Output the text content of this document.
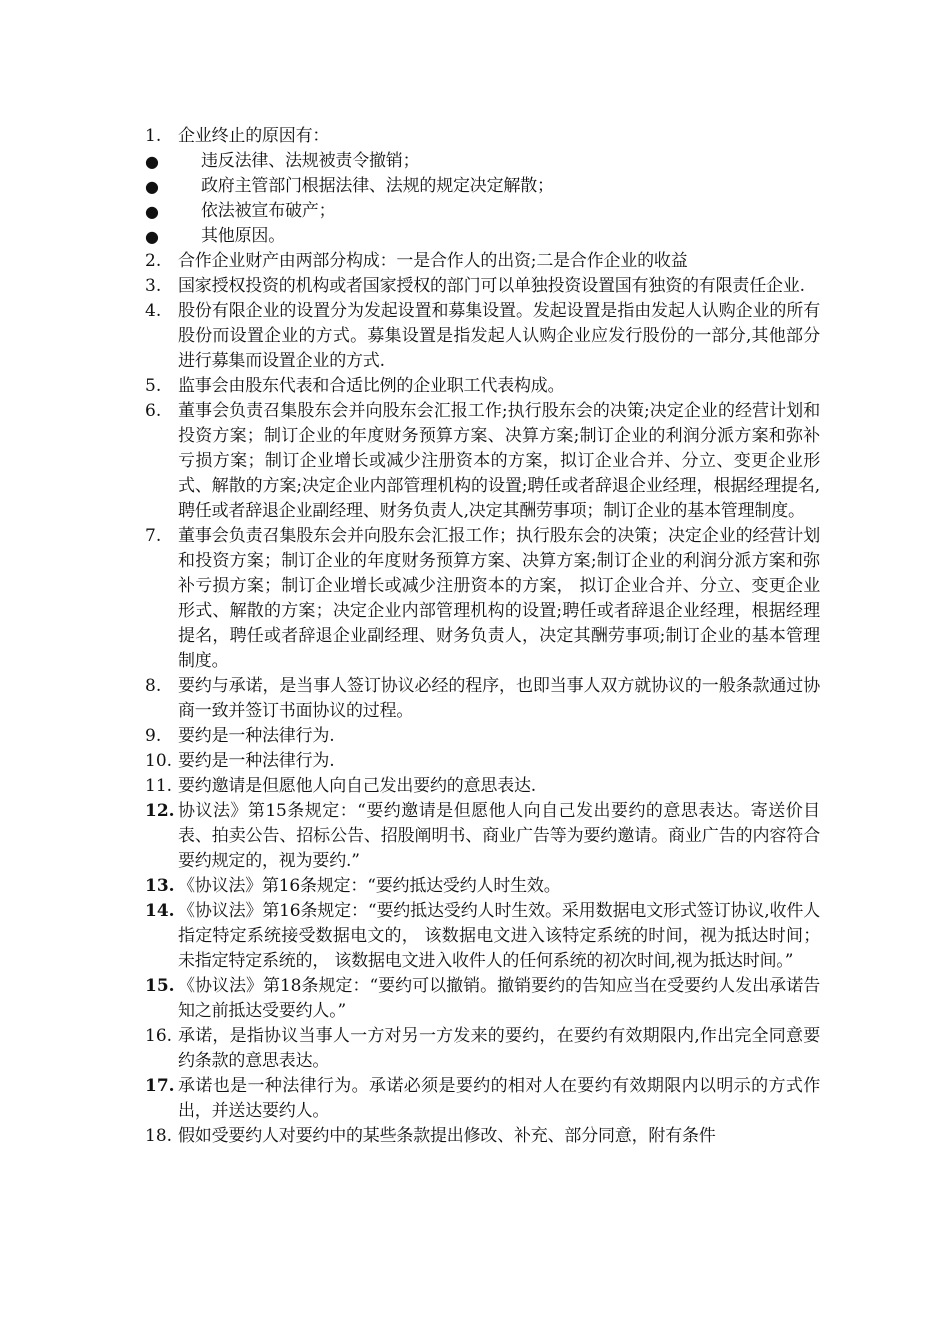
1. 企业终止的原因有：
●	违反法律、法规被责令撤销；
●	政府主管部门根据法律、法规的规定决定解散；
●	依法被宣布破产；
●	其他原因。
2. 合作企业财产由两部分构成：一是合作人的出资;二是合作企业的收益
3. 国家授权投资的机构或者国家授权的部门可以单独投资设置国有独资的有限责任企业.
4. 股份有限企业的设置分为发起设置和募集设置。发起设置是指由发起人认购企业的所有股份而设置企业的方式。募集设置是指发起人认购企业应发行股份的一部分,其他部分进行募集而设置企业的方式.
5. 监事会由股东代表和合适比例的企业职工代表构成。
6. 董事会负责召集股东会并向股东会汇报工作;执行股东会的决策;决定企业的经营计划和投资方案；制订企业的年度财务预算方案、决算方案;制订企业的利润分派方案和弥补亏损方案；制订企业增长或减少注册资本的方案，拟订企业合并、分立、变更企业形式、解散的方案;决定企业内部管理机构的设置;聘任或者辞退企业经理，根据经理提名,聘任或者辞退企业副经理、财务负责人,决定其酬劳事项；制订企业的基本管理制度。
7. 董事会负责召集股东会并向股东会汇报工作；执行股东会的决策；决定企业的经营计划和投资方案；制订企业的年度财务预算方案、决算方案;制订企业的利润分派方案和弥补亏损方案；制订企业增长或减少注册资本的方案， 拟订企业合并、分立、变更企业形式、解散的方案；决定企业内部管理机构的设置;聘任或者辞退企业经理，根据经理提名，聘任或者辞退企业副经理、财务负责人，决定其酬劳事项;制订企业的基本管理制度。
8. 要约与承诺，是当事人签订协议必经的程序，也即当事人双方就协议的一般条款通过协商一致并签订书面协议的过程。
9. 要约是一种法律行为.
10. 要约是一种法律行为.
11. 要约邀请是但愿他人向自己发出要约的意思表达.
12. 协议法》第15条规定：“要约邀请是但愿他人向自己发出要约的意思表达。寄送价目表、拍卖公告、招标公告、招股阐明书、商业广告等为要约邀请。商业广告的内容符合要约规定的，视为要约.”
13. 《协议法》第16条规定：“要约抵达受约人时生效。
14. 《协议法》第16条规定：“要约抵达受约人时生效。采用数据电文形式签订协议,收件人指定特定系统接受数据电文的， 该数据电文进入该特定系统的时间，视为抵达时间；未指定特定系统的， 该数据电文进入收件人的任何系统的初次时间,视为抵达时间。”
15. 《协议法》第18条规定：“要约可以撤销。撤销要约的告知应当在受要约人发出承诺告知之前抵达受要约人。”
16. 承诺，是指协议当事人一方对另一方发来的要约，在要约有效期限内,作出完全同意要约条款的意思表达。
17. 承诺也是一种法律行为。承诺必须是要约的相对人在要约有效期限内以明示的方式作出，并送达要约人。
18. 假如受要约人对要约中的某些条款提出修改、补充、部分同意，附有条件
